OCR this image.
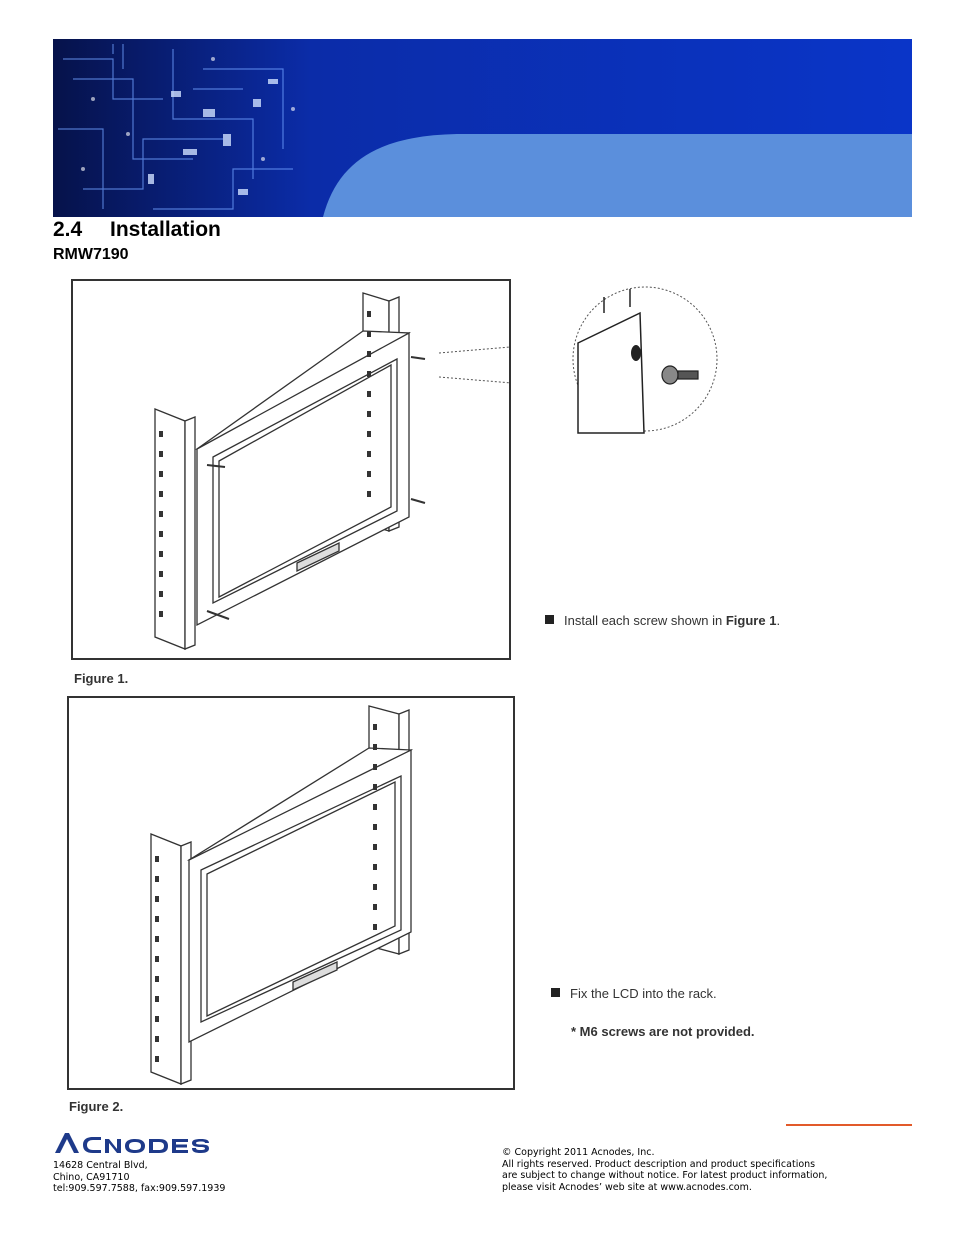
2.4 Installation
RMW7190
Figure 1.
Install each screw shown in Figure 1.
Figure 2.
Fix the LCD into the rack.
* M6 screws are not provided.
14628 Central Blvd,
Chino, CA91710
tel:909.597.7588, fax:909.597.1939
© Copyright 2011 Acnodes, Inc.
All rights reserved. Product description and product specifications
are subject to change without notice. For latest product information,
please visit Acnodes’ web site at www.acnodes.com.
